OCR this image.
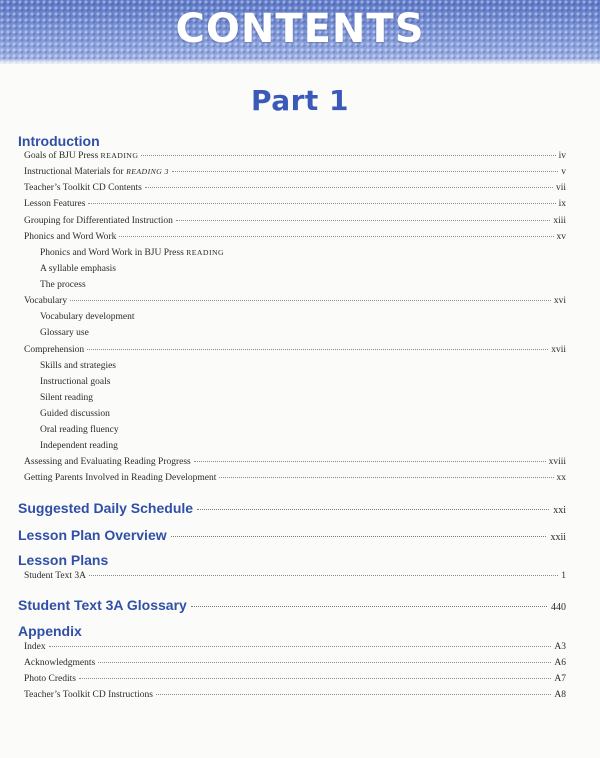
CONTENTS
Part 1
Introduction
Goals of BJU Press READING	iv
Instructional Materials for READING 3	v
Teacher’s Toolkit CD Contents	vii
Lesson Features	ix
Grouping for Differentiated Instruction	xiii
Phonics and Word Work	xv
Phonics and Word Work in BJU Press READING
A syllable emphasis
The process
Vocabulary	xvi
Vocabulary development
Glossary use
Comprehension	xvii
Skills and strategies
Instructional goals
Silent reading
Guided discussion
Oral reading fluency
Independent reading
Assessing and Evaluating Reading Progress	xviii
Getting Parents Involved in Reading Development	xx
Suggested Daily Schedule	xxi
Lesson Plan Overview	xxii
Lesson Plans
Student Text 3A	1
Student Text 3A Glossary	440
Appendix
Index	A3
Acknowledgments	A6
Photo Credits	A7
Teacher’s Toolkit CD Instructions	A8
